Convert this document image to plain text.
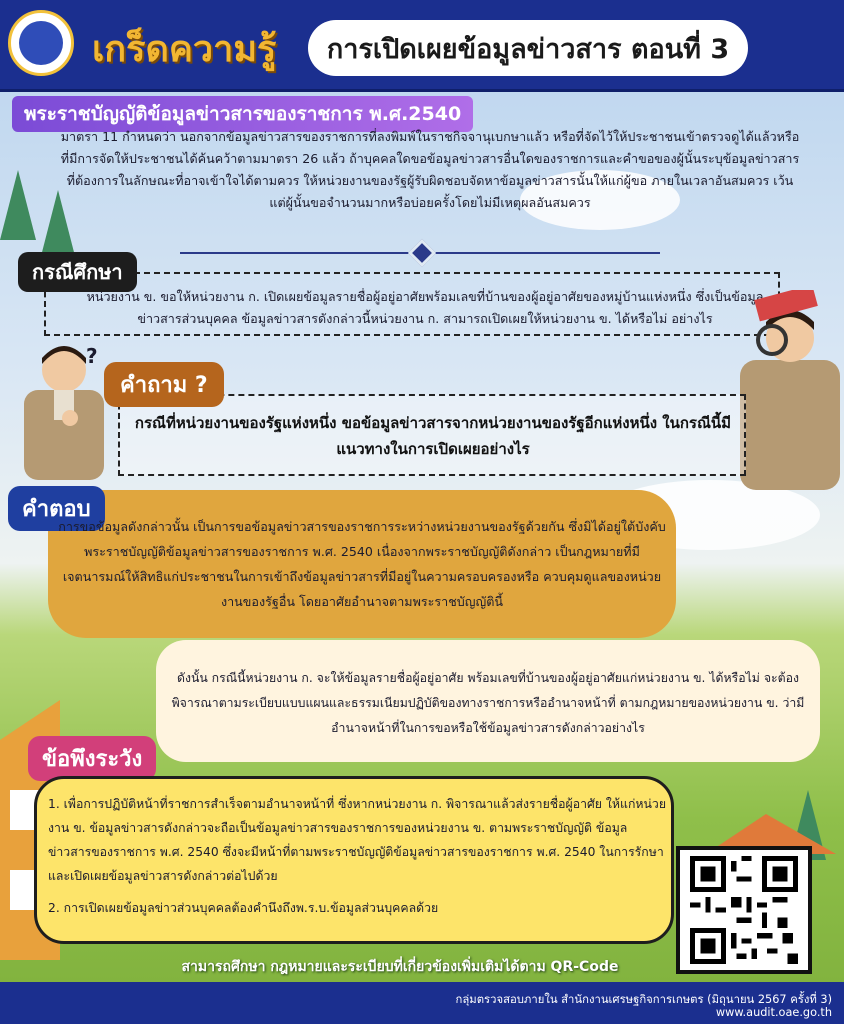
เกร็ดความรู้ การเปิดเผยข้อมูลข่าวสาร ตอนที่ 3
พระราชบัญญัติข้อมูลข่าวสารของราชการ พ.ศ.2540
มาตรา 11 กำหนดว่า นอกจากข้อมูลข่าวสารของราชการที่ลงพิมพ์ในราชกิจจานุเบกษาแล้ว หรือที่จัดไว้ให้ประชาชนเข้าตรวจดูได้แล้วหรือที่มีการจัดให้ประชาชนได้ค้นคว้าตามมาตรา 26 แล้ว ถ้าบุคคลใดขอข้อมูลข่าวสารอื่นใดของราชการและคำขอของผู้นั้นระบุข้อมูลข่าวสารที่ต้องการในลักษณะที่อาจเข้าใจได้ตามควร ให้หน่วยงานของรัฐผู้รับผิดชอบจัดหาข้อมูลข่าวสารนั้นให้แก่ผู้ขอ ภายในเวลาอันสมควร เว้นแต่ผู้นั้นขอจำนวนมากหรือบ่อยครั้งโดยไม่มีเหตุผลอันสมควร
กรณีศึกษา
หน่วยงาน ข. ขอให้หน่วยงาน ก. เปิดเผยข้อมูลรายชื่อผู้อยู่อาศัยพร้อมเลขที่บ้านของผู้อยู่อาศัยของหมู่บ้านแห่งหนึ่ง ซึ่งเป็นข้อมูลข่าวสารส่วนบุคคล ข้อมูลข่าวสารดังกล่าวนี้หน่วยงาน ก. สามารถเปิดเผยให้หน่วยงาน ข. ได้หรือไม่ อย่างไร
?
คำถาม ?
กรณีที่หน่วยงานของรัฐแห่งหนึ่ง ขอข้อมูลข่าวสารจากหน่วยงานของรัฐอีกแห่งหนึ่ง ในกรณีนี้มีแนวทางในการเปิดเผยอย่างไร
คำตอบ
การขอข้อมูลดังกล่าวนั้น เป็นการขอข้อมูลข่าวสารของราชการระหว่างหน่วยงานของรัฐด้วยกัน ซึ่งมิได้อยู่ใต้บังคับพระราชบัญญัติข้อมูลข่าวสารของราชการ พ.ศ. 2540 เนื่องจากพระราชบัญญัติดังกล่าว เป็นกฎหมายที่มีเจตนารมณ์ให้สิทธิแก่ประชาชนในการเข้าถึงข้อมูลข่าวสารที่มีอยู่ในความครอบครองหรือ ควบคุมดูแลของหน่วยงานของรัฐอื่น โดยอาศัยอำนาจตามพระราชบัญญัตินี้
ดังนั้น กรณีนี้หน่วยงาน ก. จะให้ข้อมูลรายชื่อผู้อยู่อาศัย พร้อมเลขที่บ้านของผู้อยู่อาศัยแก่หน่วยงาน ข. ได้หรือไม่ จะต้องพิจารณาตามระเบียบแบบแผนและธรรมเนียมปฏิบัติของทางราชการหรืออำนาจหน้าที่ ตามกฎหมายของหน่วยงาน ข. ว่ามีอำนาจหน้าที่ในการขอหรือใช้ข้อมูลข่าวสารดังกล่าวอย่างไร
ข้อพึงระวัง

1. เพื่อการปฏิบัติหน้าที่ราชการสำเร็จตามอำนาจหน้าที่ ซึ่งหากหน่วยงาน ก. พิจารณาแล้วส่งรายชื่อผู้อาศัย ให้แก่หน่วยงาน ข. ข้อมูลข่าวสารดังกล่าวจะถือเป็นข้อมูลข่าวสารของราชการของหน่วยงาน ข. ตามพระราชบัญญัติ ข้อมูลข่าวสารของราชการ พ.ศ. 2540 ซึ่งจะมีหน้าที่ตามพระราชบัญญัติข้อมูลข่าวสารของราชการ พ.ศ. 2540 ในการรักษาและเปิดเผยข้อมูลข่าวสารดังกล่าวต่อไปด้วย

2. การเปิดเผยข้อมูลข่าวส่วนบุคคลต้องคำนึงถึงพ.ร.บ.ข้อมูลส่วนบุคคลด้วย

สามารถศึกษา กฎหมายและระเบียบที่เกี่ยวข้องเพิ่มเติมได้ตาม QR-Code
กลุ่มตรวจสอบภายใน สำนักงานเศรษฐกิจการเกษตร (มิถุนายน 2567 ครั้งที่ 3)
www.audit.oae.go.th
